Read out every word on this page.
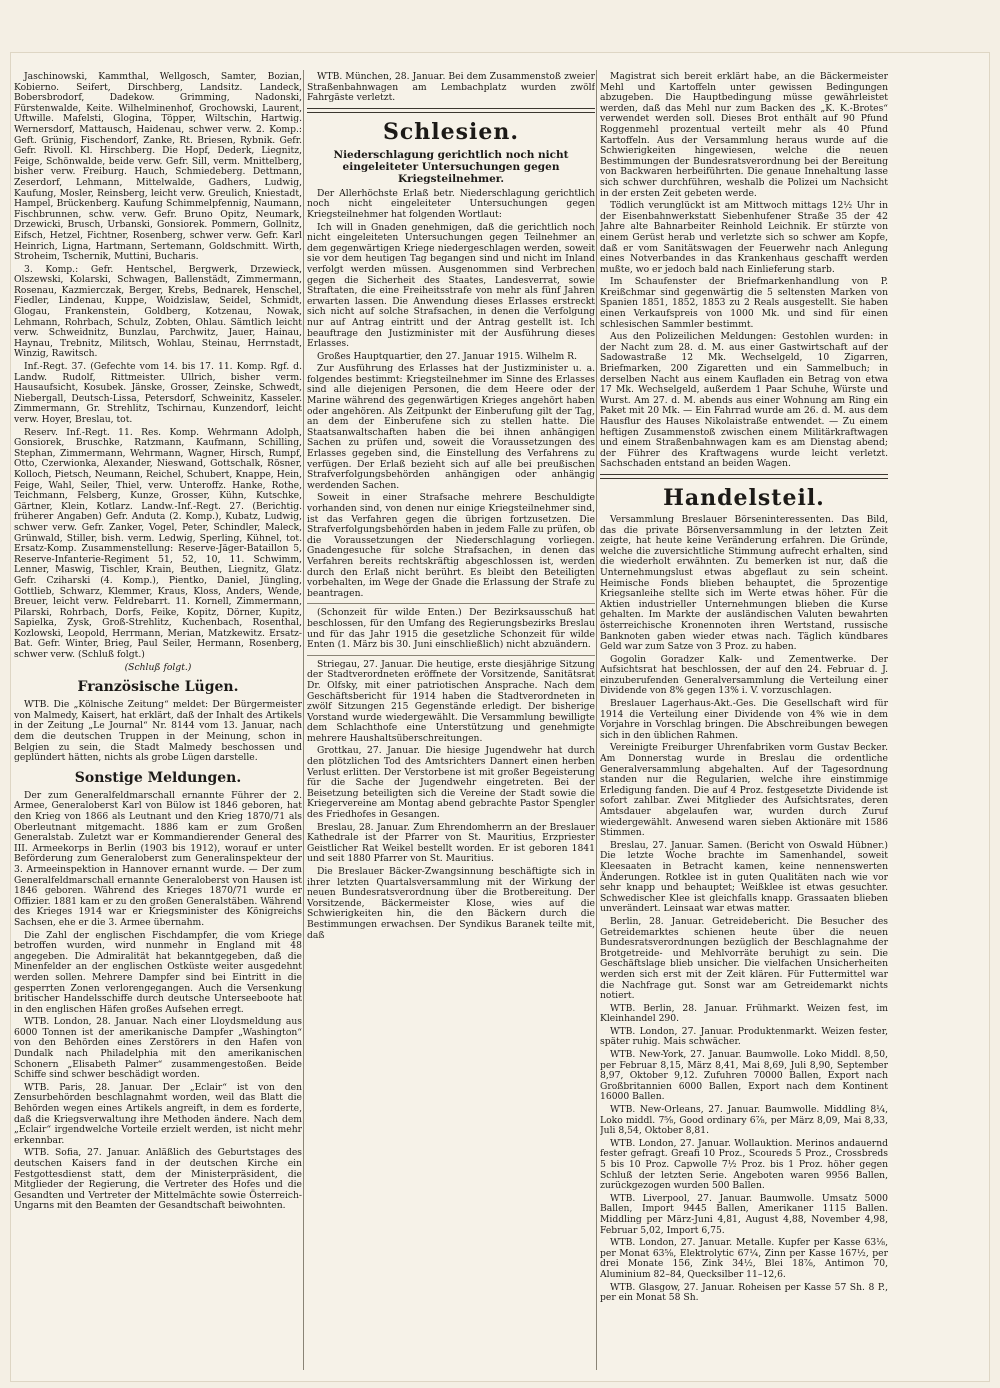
Jaschinowski, Kammthal, Wellgosch, Samter, Bozian, Kobierno. Seifert, Dirschberg, Landsitz. Landeck, Bobersbrodorf, Dadekow. Grimming, Nadonski, Fürstenwalde, Keite. Wilhelminenhof, Grochowski, Laurent, Uftwille. Mafelsti, Glogina, Töpper, Wiltschin, Hartwig. Wernersdorf, Mattausch, Haidenau, schwer verw. 2. Komp.: Geft. Grünig, Fischendorf, Zanke, Rt. Briesen, Rybnik. Gefr. Gefr. Rivoll. Kl. Hirschberg. Die Hopf, Dederk, Liegnitz, Feige, Schönwalde, beide verw. Gefr. Sill, verm. Mnittelberg, bisher verw. Freiburg. Hauch, Schmiedeberg. Dettmann, Zeserdorf, Lehmann, Mittelwalde, Gadhers, Ludwig, Kaufung, Mosler, Reinsberg, leicht verw. Greulich, Kniestadt, Hampel, Brückenberg. Kaufung Schimmelpfennig, Naumann, Fischbrunnen, schw. verw. Gefr. Bruno Opitz, Neumark, Drzewicki, Brusch, Urbanski, Gonsiorek. Pommern, Gollnitz, Eifsch, Hetzel, Fichtner, Rosenberg, schwer verw. Gefr. Karl Heinrich, Ligna, Hartmann, Sertemann, Goldschmitt. Wirth, Stroheim, Tschernik, Muttini, Bucharis.

3. Komp.: Gefr. Hentschel, Bergwerk, Drzewieck, Olszewski, Kolarski, Schwagen, Ballenstädt, Zimmermann, Rosenau, Kazmierczak, Berger, Krebs, Bednarek, Henschel, Fiedler, Lindenau, Kuppe, Woidzislaw, Seidel, Schmidt, Glogau, Frankenstein, Goldberg, Kotzenau, Nowak, Lehmann, Rohrbach, Schulz, Zobten, Ohlau. Sämtlich leicht verw. Schweidnitz, Bunzlau, Parchwitz, Jauer, Hainau, Haynau, Trebnitz, Militsch, Wohlau, Steinau, Herrnstadt, Winzig, Rawitsch.

Inf.-Regt. 37. (Gefechte vom 14. bis 17. 11. Komp. Rgf. d. Landw. Rudolf, Rittmeister. Ullrich, bisher verm. Hausaufsicht, Kosubek. Jänske, Grosser, Zeinske, Schwedt, Niebergall, Deutsch-Lissa, Petersdorf, Schweinitz, Kasseler. Zimmermann, Gr. Strehlitz, Tschirnau, Kunzendorf, leicht verw. Hoyer, Breslau, tot.

Reserv. Inf.-Regt. 11. Res. Komp. Wehrmann Adolph, Gonsiorek, Bruschke, Ratzmann, Kaufmann, Schilling, Stephan, Zimmermann, Wehrmann, Wagner, Hirsch, Rumpf, Otto, Czerwionka, Alexander, Nieswand, Gottschalk, Rösner, Kolloch, Pietsch, Neumann, Reichel, Schubert, Knappe, Hein, Feige, Wahl, Seiler, Thiel, verw. Unteroffz. Hanke, Rothe, Teichmann, Felsberg, Kunze, Grosser, Kühn, Kutschke, Gärtner, Klein, Kotlarz. Landw.-Inf.-Regt. 27. (Berichtig. früherer Angaben) Gefr. Anduta (2. Komp.), Kubatz, Ludwig, schwer verw. Gefr. Zanker, Vogel, Peter, Schindler, Maleck, Grünwald, Stiller, bish. verm. Ledwig, Sperling, Kühnel, tot. Ersatz-Komp. Zusammenstellung: Reserve-Jäger-Bataillon 5, Reserve-Infanterie-Regiment 51, 52, 10, 11. Schwimm, Lenner, Maswig, Tischler, Krain, Beuthen, Liegnitz, Glatz. Gefr. Cziharski (4. Komp.), Pientko, Daniel, Jüngling, Gottlieb, Schwarz, Klemmer, Kraus, Kloss, Anders, Wende, Breuer, leicht verw. Feldrebarrt. 11. Kornell, Zimmermann, Pilarski, Rohrbach, Dorfs, Feike, Kopitz, Dörner, Kupitz, Sapielka, Zysk, Groß-Strehlitz, Kuchenbach, Rosenthal, Kozlowski, Leopold, Herrmann, Merian, Matzkewitz. Ersatz-Bat. Gefr. Winter, Brieg, Paul Seiler, Hermann, Rosenberg, schwer verw. (Schluß folgt.)

(Schluß folgt.)

Französische Lügen.

WTB. Die „Kölnische Zeitung“ meldet: Der Bürgermeister von Malmedy, Kaisert, hat erklärt, daß der Inhalt des Artikels in der Zeitung „Le Journal“ Nr. 8144 vom 13. Januar, nach dem die deutschen Truppen in der Meinung, schon in Belgien zu sein, die Stadt Malmedy beschossen und geplündert hätten, nichts als grobe Lügen darstelle.

Sonstige Meldungen.

Der zum Generalfeldmarschall ernannte Führer der 2. Armee, Generaloberst Karl von Bülow ist 1846 geboren, hat den Krieg von 1866 als Leutnant und den Krieg 1870/71 als Oberleutnant mitgemacht. 1886 kam er zum Großen Generalstab. Zuletzt war er Kommandierender General des III. Armeekorps in Berlin (1903 bis 1912), worauf er unter Beförderung zum Generaloberst zum Generalinspekteur der 3. Armeeinspektion in Hannover ernannt wurde. — Der zum Generalfeldmarschall ernannte Generaloberst von Hausen ist 1846 geboren. Während des Krieges 1870/71 wurde er Offizier. 1881 kam er zu den großen Generalstäben. Während des Krieges 1914 war er Kriegsminister des Königreichs Sachsen, ehe er die 3. Armee übernahm.

Die Zahl der englischen Fischdampfer, die vom Kriege betroffen wurden, wird nunmehr in England mit 48 angegeben. Die Admiralität hat bekanntgegeben, daß die Minenfelder an der englischen Ostküste weiter ausgedehnt werden sollen. Mehrere Dampfer sind bei Eintritt in die gesperrten Zonen verlorengegangen. Auch die Versenkung britischer Handelsschiffe durch deutsche Unterseeboote hat in den englischen Häfen großes Aufsehen erregt.

WTB. London, 28. Januar. Nach einer Lloydsmeldung aus 6000 Tonnen ist der amerikanische Dampfer „Washington“ von den Behörden eines Zerstörers in den Hafen von Dundalk nach Philadelphia mit den amerikanischen Schonern „Elisabeth Palmer“ zusammengestoßen. Beide Schiffe sind schwer beschädigt worden.

WTB. Paris, 28. Januar. Der „Eclair“ ist von den Zensurbehörden beschlagnahmt worden, weil das Blatt die Behörden wegen eines Artikels angreift, in dem es forderte, daß die Kriegsverwaltung ihre Methoden ändere. Nach dem „Eclair“ irgendwelche Vorteile erzielt werden, ist nicht mehr erkennbar.

WTB. Sofia, 27. Januar. Anläßlich des Geburtstages des deutschen Kaisers fand in der deutschen Kirche ein Festgottesdienst statt, dem der Ministerpräsident, die Mitglieder der Regierung, die Vertreter des Hofes und die Gesandten und Vertreter der Mittelmächte sowie Österreich-Ungarns mit den Beamten der Gesandtschaft beiwohnten.

WTB. München, 28. Januar. Bei dem Zusammenstoß zweier Straßenbahnwagen am Lembachplatz wurden zwölf Fahrgäste verletzt.

Schlesien.
Niederschlagung gerichtlich noch nicht eingeleiteter Untersuchungen gegen Kriegsteilnehmer.

Der Allerhöchste Erlaß betr. Niederschlagung gerichtlich noch nicht eingeleiteter Untersuchungen gegen Kriegsteilnehmer hat folgenden Wortlaut:

Ich will in Gnaden genehmigen, daß die gerichtlich noch nicht eingeleiteten Untersuchungen gegen Teilnehmer an dem gegenwärtigen Kriege niedergeschlagen werden, soweit sie vor dem heutigen Tag begangen sind und nicht im Inland verfolgt werden müssen. Ausgenommen sind Verbrechen gegen die Sicherheit des Staates, Landesverrat, sowie Straftaten, die eine Freiheitsstrafe von mehr als fünf Jahren erwarten lassen. Die Anwendung dieses Erlasses erstreckt sich nicht auf solche Strafsachen, in denen die Verfolgung nur auf Antrag eintritt und der Antrag gestellt ist. Ich beauftrage den Justizminister mit der Ausführung dieses Erlasses.

Großes Hauptquartier, den 27. Januar 1915. Wilhelm R.

Zur Ausführung des Erlasses hat der Justizminister u. a. folgendes bestimmt: Kriegsteilnehmer im Sinne des Erlasses sind alle diejenigen Personen, die dem Heere oder der Marine während des gegenwärtigen Krieges angehört haben oder angehören. Als Zeitpunkt der Einberufung gilt der Tag, an dem der Einberufene sich zu stellen hatte. Die Staatsanwaltschaften haben die bei ihnen anhängigen Sachen zu prüfen und, soweit die Voraussetzungen des Erlasses gegeben sind, die Einstellung des Verfahrens zu verfügen. Der Erlaß bezieht sich auf alle bei preußischen Strafverfolgungsbehörden anhängigen oder anhängig werdenden Sachen.

Soweit in einer Strafsache mehrere Beschuldigte vorhanden sind, von denen nur einige Kriegsteilnehmer sind, ist das Verfahren gegen die übrigen fortzusetzen. Die Strafverfolgungsbehörden haben in jedem Falle zu prüfen, ob die Voraussetzungen der Niederschlagung vorliegen. Gnadengesuche für solche Strafsachen, in denen das Verfahren bereits rechtskräftig abgeschlossen ist, werden durch den Erlaß nicht berührt. Es bleibt den Beteiligten vorbehalten, im Wege der Gnade die Erlassung der Strafe zu beantragen.

(Schonzeit für wilde Enten.) Der Bezirksausschuß hat beschlossen, für den Umfang des Regierungsbezirks Breslau und für das Jahr 1915 die gesetzliche Schonzeit für wilde Enten (1. März bis 30. Juni einschließlich) nicht abzuändern.

Striegau, 27. Januar. Die heutige, erste diesjährige Sitzung der Stadtverordneten eröffnete der Vorsitzende, Sanitätsrat Dr. Olfsky, mit einer patriotischen Ansprache. Nach dem Geschäftsbericht für 1914 haben die Stadtverordneten in zwölf Sitzungen 215 Gegenstände erledigt. Der bisherige Vorstand wurde wiedergewählt. Die Versammlung bewilligte dem Schlachthofe eine Unterstützung und genehmigte mehrere Haushaltsüberschreitungen.

Grottkau, 27. Januar. Die hiesige Jugendwehr hat durch den plötzlichen Tod des Amtsrichters Dannert einen herben Verlust erlitten. Der Verstorbene ist mit großer Begeisterung für die Sache der Jugendwehr eingetreten. Bei der Beisetzung beteiligten sich die Vereine der Stadt sowie die Kriegervereine am Montag abend gebrachte Pastor Spengler des Friedhofes in Gesangen.

Breslau, 28. Januar. Zum Ehrendomherrn an der Breslauer Kathedrale ist der Pfarrer von St. Mauritius, Erzpriester Geistlicher Rat Weikel bestellt worden. Er ist geboren 1841 und seit 1880 Pfarrer von St. Mauritius.

Die Breslauer Bäcker-Zwangsinnung beschäftigte sich in ihrer letzten Quartalsversammlung mit der Wirkung der neuen Bundesratsverordnung über die Brotbereitung. Der Vorsitzende, Bäckermeister Klose, wies auf die Schwierigkeiten hin, die den Bäckern durch die Bestimmungen erwachsen. Der Syndikus Baranek teilte mit, daß

Magistrat sich bereit erklärt habe, an die Bäckermeister Mehl und Kartoffeln unter gewissen Bedingungen abzugeben. Die Hauptbedingung müsse gewährleistet werden, daß das Mehl nur zum Backen des „K. K.-Brotes“ verwendet werden soll. Dieses Brot enthält auf 90 Pfund Roggenmehl prozentual verteilt mehr als 40 Pfund Kartoffeln. Aus der Versammlung heraus wurde auf die Schwierigkeiten hingewiesen, welche die neuen Bestimmungen der Bundesratsverordnung bei der Bereitung von Backwaren herbeiführten. Die genaue Innehaltung lasse sich schwer durchführen, weshalb die Polizei um Nachsicht in der ersten Zeit gebeten werde.

Tödlich verunglückt ist am Mittwoch mittags 12½ Uhr in der Eisenbahnwerkstatt Siebenhufener Straße 35 der 42 Jahre alte Bahnarbeiter Reinhold Leichnik. Er stürzte von einem Gerüst herab und verletzte sich so schwer am Kopfe, daß er vom Sanitätswagen der Feuerwehr nach Anlegung eines Notverbandes in das Krankenhaus geschafft werden mußte, wo er jedoch bald nach Einlieferung starb.

Im Schaufenster der Briefmarkenhandlung von P. Kreißchmar sind gegenwärtig die 5 seltensten Marken von Spanien 1851, 1852, 1853 zu 2 Reals ausgestellt. Sie haben einen Verkaufspreis von 1000 Mk. und sind für einen schlesischen Sammler bestimmt.

Aus den Polizeilichen Meldungen: Gestohlen wurden: in der Nacht zum 28. d. M. aus einer Gastwirtschaft auf der Sadowastraße 12 Mk. Wechselgeld, 10 Zigarren, Briefmarken, 200 Zigaretten und ein Sammelbuch; in derselben Nacht aus einem Kaufladen ein Betrag von etwa 17 Mk. Wechselgeld, außerdem 1 Paar Schuhe, Würste und Wurst. Am 27. d. M. abends aus einer Wohnung am Ring ein Paket mit 20 Mk. — Ein Fahrrad wurde am 26. d. M. aus dem Hausflur des Hauses Nikolaistraße entwendet. — Zu einem heftigen Zusammenstoß zwischen einem Militärkraftwagen und einem Straßenbahnwagen kam es am Dienstag abend; der Führer des Kraftwagens wurde leicht verletzt. Sachschaden entstand an beiden Wagen.

Handelsteil.

Versammlung Breslauer Börseninteressenten. Das Bild, das die private Börsenversammlung in der letzten Zeit zeigte, hat heute keine Veränderung erfahren. Die Gründe, welche die zuversichtliche Stimmung aufrecht erhalten, sind die wiederholt erwähnten. Zu bemerken ist nur, daß die Unternehmungslust etwas abgeflaut zu sein scheint. Heimische Fonds blieben behauptet, die 5prozentige Kriegsanleihe stellte sich im Werte etwas höher. Für die Aktien industrieller Unternehmungen blieben die Kurse gehalten. Im Markte der ausländischen Valuten bewahrten österreichische Kronennoten ihren Wertstand, russische Banknoten gaben wieder etwas nach. Täglich kündbares Geld war zum Satze von 3 Proz. zu haben.

Gogolin Goradzer Kalk- und Zementwerke. Der Aufsichtsrat hat beschlossen, der auf den 24. Februar d. J. einzuberufenden Generalversammlung die Verteilung einer Dividende von 8% gegen 13% i. V. vorzuschlagen.

Breslauer Lagerhaus-Akt.-Ges. Die Gesellschaft wird für 1914 die Verteilung einer Dividende von 4% wie in dem Vorjahre in Vorschlag bringen. Die Abschreibungen bewegen sich in den üblichen Rahmen.

Vereinigte Freiburger Uhrenfabriken vorm Gustav Becker. Am Donnerstag wurde in Breslau die ordentliche Generalversammlung abgehalten. Auf der Tagesordnung standen nur die Regularien, welche ihre einstimmige Erledigung fanden. Die auf 4 Proz. festgesetzte Dividende ist sofort zahlbar. Zwei Mitglieder des Aufsichtsrates, deren Amtsdauer abgelaufen war, wurden durch Zuruf wiedergewählt. Anwesend waren sieben Aktionäre mit 1586 Stimmen.

Breslau, 27. Januar. Samen. (Bericht von Oswald Hübner.) Die letzte Woche brachte im Samenhandel, soweit Kleesaaten in Betracht kamen, keine nennenswerten Änderungen. Rotklee ist in guten Qualitäten nach wie vor sehr knapp und behauptet; Weißklee ist etwas gesuchter. Schwedischer Klee ist gleichfalls knapp. Grassaaten blieben unverändert. Leinsaat war etwas matter.

Berlin, 28. Januar. Getreidebericht. Die Besucher des Getreidemarktes schienen heute über die neuen Bundesratsverordnungen bezüglich der Beschlagnahme der Brotgetreide- und Mehlvorräte beruhigt zu sein. Die Geschäftslage blieb unsicher. Die vielfachen Unsicherheiten werden sich erst mit der Zeit klären. Für Futtermittel war die Nachfrage gut. Sonst war am Getreidemarkt nichts notiert.

WTB. Berlin, 28. Januar. Frühmarkt. Weizen fest, im Kleinhandel 290.

WTB. London, 27. Januar. Produktenmarkt. Weizen fester, später ruhig. Mais schwächer.

WTB. New-York, 27. Januar. Baumwolle. Loko Middl. 8,50, per Februar 8,15, März 8,41, Mai 8,69, Juli 8,90, September 8,97, Oktober 9,12. Zufuhren 70000 Ballen, Export nach Großbritannien 6000 Ballen, Export nach dem Kontinent 16000 Ballen.

WTB. New-Orleans, 27. Januar. Baumwolle. Middling 8¼, Loko middl. 7⅝, Good ordinary 6⅞, per März 8,09, Mai 8,33, Juli 8,54, Oktober 8,81.

WTB. London, 27. Januar. Wollauktion. Merinos andauernd fester gefragt. Greafi 10 Proz., Scoureds 5 Proz., Crossbreds 5 bis 10 Proz. Capwolle 7½ Proz. bis 1 Proz. höher gegen Schluß der letzten Serie. Angeboten waren 9956 Ballen, zurückgezogen wurden 500 Ballen.

WTB. Liverpool, 27. Januar. Baumwolle. Umsatz 5000 Ballen, Import 9445 Ballen, Amerikaner 1115 Ballen. Middling per März-Juni 4,81, August 4,88, November 4,98, Februar 5,02, Import 6,75.

WTB. London, 27. Januar. Metalle. Kupfer per Kasse 63⅛, per Monat 63⅝, Elektrolytic 67¼, Zinn per Kasse 167½, per drei Monate 156, Zink 34½, Blei 18⅞, Antimon 70, Aluminium 82–84, Quecksilber 11–12,6.

WTB. Glasgow, 27. Januar. Roheisen per Kasse 57 Sh. 8 P., per ein Monat 58 Sh.
